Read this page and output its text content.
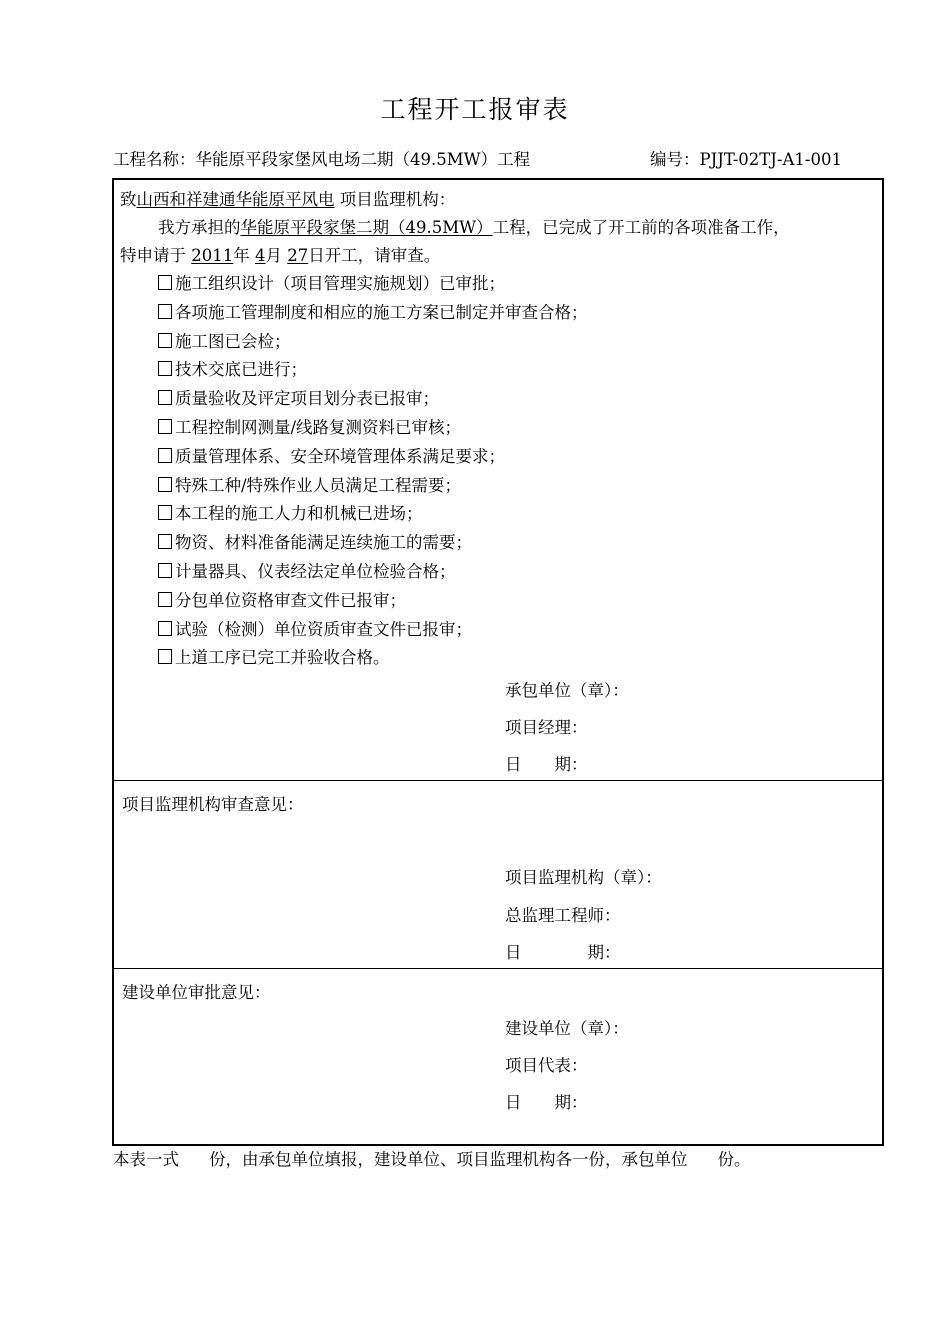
工程开工报审表
工程名称：华能原平段家堡风电场二期（49.5MW）工程	编号：PJJT-02TJ-A1-001
致山西和祥建通华能原平风电 项目监理机构：
我方承担的华能原平段家堡二期（49.5MW）工程，已完成了开工前的各项准备工作，
特申请于 2011年 4月 27日开工，请审查。
施工组织设计（项目管理实施规划）已审批；
各项施工管理制度和相应的施工方案已制定并审查合格；
施工图已会检；
技术交底已进行；
质量验收及评定项目划分表已报审；
工程控制网测量/线路复测资料已审核；
质量管理体系、安全环境管理体系满足要求；
特殊工种/特殊作业人员满足工程需要；
本工程的施工人力和机械已进场；
物资、材料准备能满足连续施工的需要；
计量器具、仪表经法定单位检验合格；
分包单位资格审查文件已报审；
试验（检测）单位资质审查文件已报审；
上道工序已完工并验收合格。
承包单位（章）：
项目经理：
日　　期：
项目监理机构审查意见：
项目监理机构（章）：
总监理工程师：
日　　　　期：
建设单位审批意见：
建设单位（章）：
项目代表：
日　　期：
本表一式 份，由承包单位填报，建设单位、项目监理机构各一份，承包单位 份。
